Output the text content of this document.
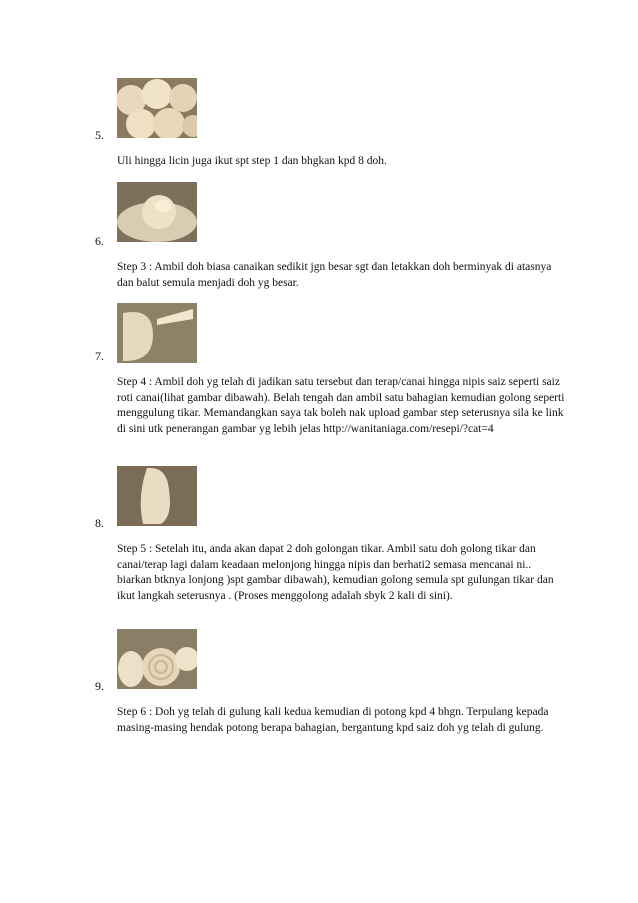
5.
Uli hingga licin juga ikut spt step 1 dan bhgkan kpd 8 doh.
6.
Step 3 : Ambil doh biasa canaikan sedikit jgn besar sgt dan letakkan doh berminyak di atasnya dan balut semula menjadi doh yg besar.
7.
Step 4 : Ambil doh yg telah di jadikan satu tersebut dan terap/canai hingga nipis saiz seperti saiz roti canai(lihat gambar dibawah). Belah tengah dan ambil satu bahagian kemudian golong seperti menggulung tikar. Memandangkan saya tak boleh nak upload gambar step seterusnya sila ke link di sini utk penerangan gambar yg lebih jelas http://wanitaniaga.com/resepi/?cat=4
8.
Step 5 : Setelah itu, anda akan dapat 2 doh golongan tikar. Ambil satu doh golong tikar dan canai/terap lagi dalam keadaan melonjong hingga nipis dan berhati2 semasa mencanai ni.. biarkan btknya lonjong )spt gambar dibawah), kemudian golong semula spt gulungan tikar dan ikut langkah seterusnya . (Proses menggolong adalah sbyk 2 kali di sini).
9.
Step 6 : Doh yg telah di gulung kali kedua kemudian di potong kpd 4 bhgn. Terpulang kepada masing-masing hendak potong berapa bahagian, bergantung kpd saiz doh yg telah di gulung.
